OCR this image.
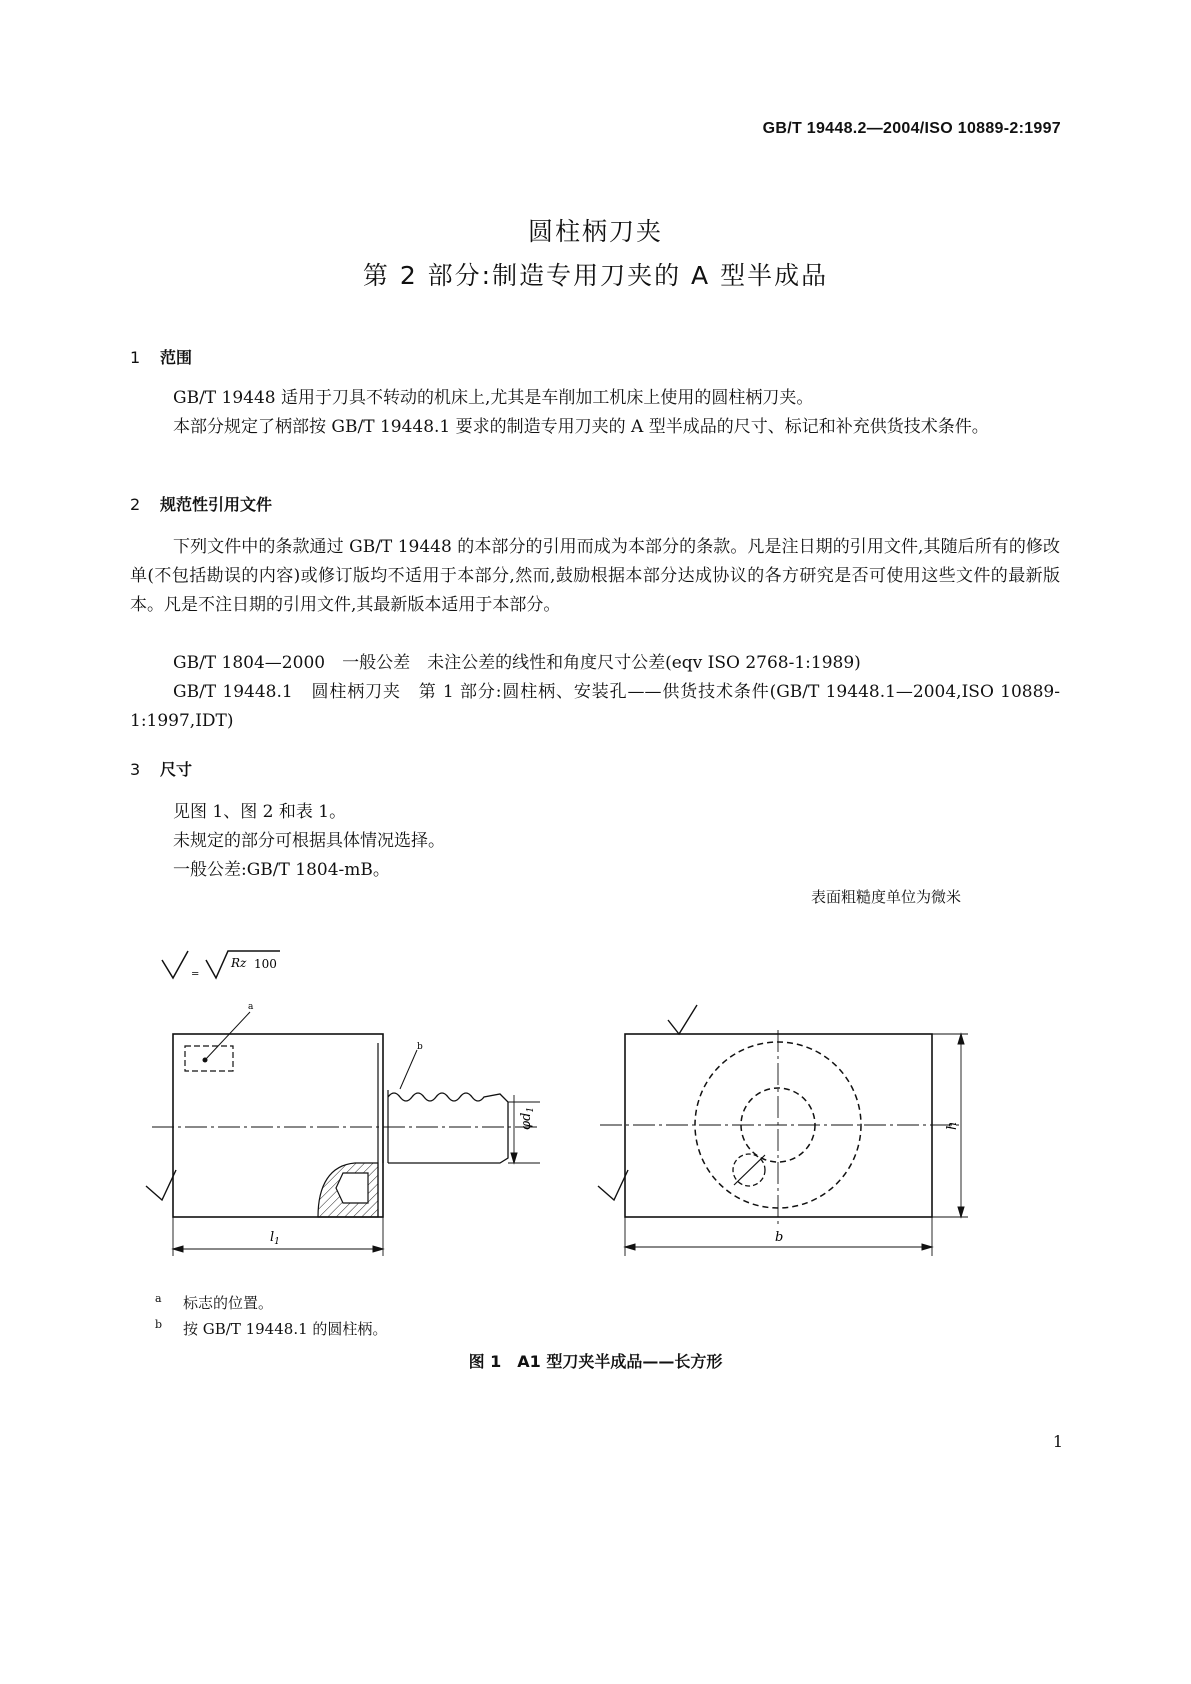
GB/T 19448.2—2004/ISO 10889-2:1997
圆柱柄刀夹
第 2 部分:制造专用刀夹的 A 型半成品
1 范围
GB/T 19448 适用于刀具不转动的机床上,尤其是车削加工机床上使用的圆柱柄刀夹。
本部分规定了柄部按 GB/T 19448.1 要求的制造专用刀夹的 A 型半成品的尺寸、标记和补充供货技术条件。
2 规范性引用文件
下列文件中的条款通过 GB/T 19448 的本部分的引用而成为本部分的条款。凡是注日期的引用文件,其随后所有的修改单(不包括勘误的内容)或修订版均不适用于本部分,然而,鼓励根据本部分达成协议的各方研究是否可使用这些文件的最新版本。凡是不注日期的引用文件,其最新版本适用于本部分。
GB/T 1804—2000　一般公差　未注公差的线性和角度尺寸公差(eqv ISO 2768-1:1989)
GB/T 19448.1　圆柱柄刀夹　第 1 部分:圆柱柄、安装孔——供货技术条件(GB/T 19448.1—2004,ISO 10889-1:1997,IDT)
3 尺寸
见图 1、图 2 和表 1。
未规定的部分可根据具体情况选择。
一般公差:GB/T 1804-mB。
表面粗糙度单位为微米
=
Rz 100
a
b
$l_1$
$\varphi d_1$
b
h
a 标志的位置。
b 按 GB/T 19448.1 的圆柱柄。
图 1　A1 型刀夹半成品——长方形
1
